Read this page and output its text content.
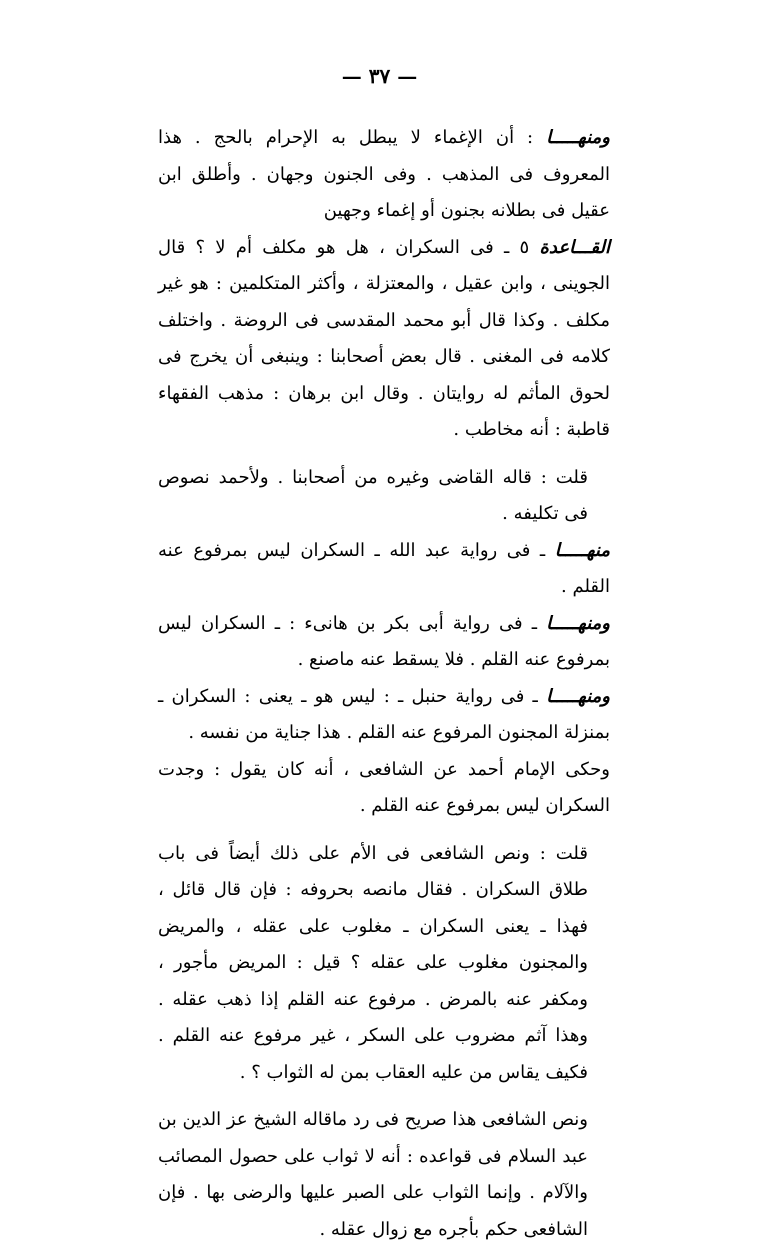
— ٣٧ —

ومنهـــــا : أن الإغماء لا يبطل به الإحرام بالحج . هذا المعروف فى المذهب . وفى الجنون وجهان . وأطلق ابن عقيل فى بطلانه بجنون أو إغماء وجهين

القـــاعدة ٥ ـ فى السكران ، هل هو مكلف أم لا ؟ قال الجوينى ، وابن عقيل ، والمعتزلة ، وأكثر المتكلمين : هو غير مكلف . وكذا قال أبو محمد المقدسى فى الروضة . واختلف كلامه فى المغنى . قال بعض أصحابنا : وينبغى أن يخرج فى لحوق المأثم له روايتان . وقال ابن برهان : مذهب الفقهاء قاطبة : أنه مخاطب .

قلت : قاله القاضى وغيره من أصحابنا . ولأحمد نصوص فى تكليفه .

منهـــــا ـ فى رواية عبد الله ـ السكران ليس بمرفوع عنه القلم .

ومنهـــــا ـ فى رواية أبى بكر بن هانىء : ـ السكران ليس بمرفوع عنه القلم . فلا يسقط عنه ماصنع .

ومنهـــــا ـ فى رواية حنبل ـ : ليس هو ـ يعنى : السكران ـ بمنزلة المجنون المرفوع عنه القلم . هذا جناية من نفسه .

وحكى الإمام أحمد عن الشافعى ، أنه كان يقول : وجدت السكران ليس بمرفوع عنه القلم .

قلت : ونص الشافعى فى الأم على ذلك أيضاً فى باب طلاق السكران . فقال مانصه بحروفه : فإن قال قائل ، فهذا ـ يعنى السكران ـ مغلوب على عقله ، والمريض والمجنون مغلوب على عقله ؟ قيل : المريض مأجور ، ومكفر عنه بالمرض . مرفوع عنه القلم إذا ذهب عقله . وهذا آثم مضروب على السكر ، غير مرفوع عنه القلم . فكيف يقاس من عليه العقاب بمن له الثواب ؟ .

ونص الشافعى هذا صريح فى رد ماقاله الشيخ عز الدين بن عبد السلام فى قواعده : أنه لا ثواب على حصول المصائب والآلام . وإنما الثواب على الصبر عليها والرضى بها . فإن الشافعى حكم بأجره مع زوال عقله .
